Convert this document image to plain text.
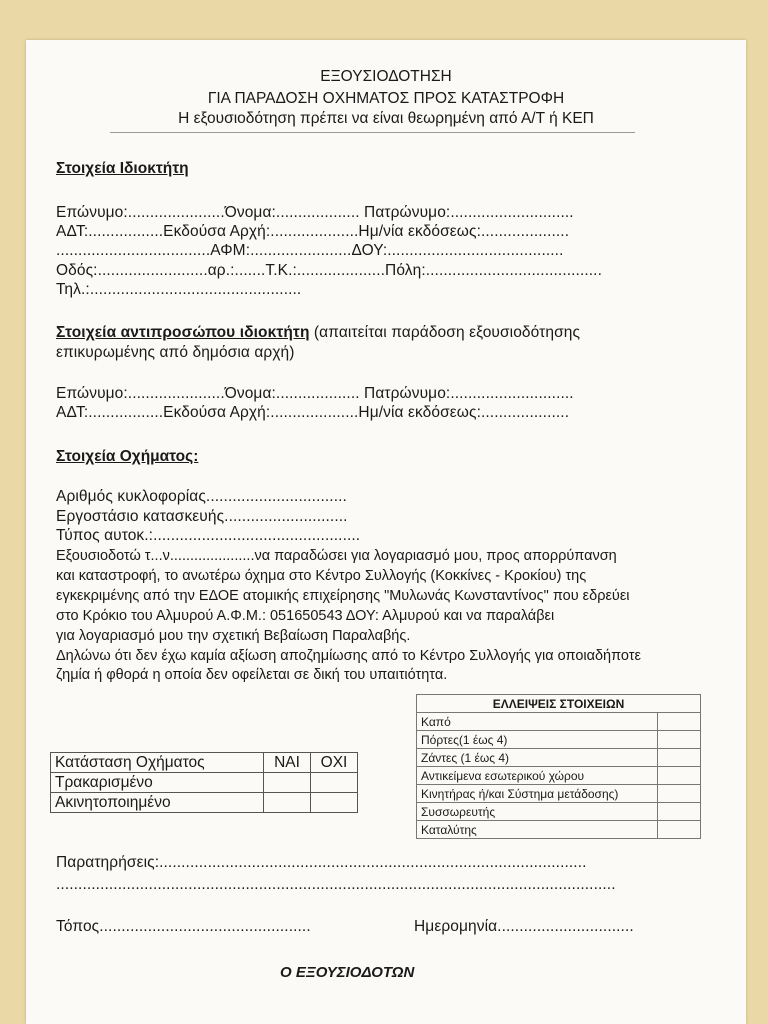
ΕΞΟΥΣΙΟΔΟΤΗΣΗ
ΓΙΑ ΠΑΡΑΔΟΣΗ ΟΧΗΜΑΤΟΣ ΠΡΟΣ ΚΑΤΑΣΤΡΟΦΗ
Η εξουσιοδότηση πρέπει να είναι θεωρημένη από Α/Τ ή ΚΕΠ
Στοιχεία Ιδιοκτήτη
Επώνυμο:......................Όνομα:................... Πατρώνυμο:............................
ΑΔΤ:.................Εκδούσα Αρχή:....................Ημ/νία εκδόσεως:....................
...................................ΑΦΜ:.......................ΔΟΥ:........................................
Οδός:.........................αρ.:.......Τ.Κ.:....................Πόλη:........................................
Τηλ.:................................................
Στοιχεία αντιπροσώπου ιδιοκτήτη (απαιτείται παράδοση εξουσιοδότησης
επικυρωμένης από δημόσια αρχή)
Επώνυμο:......................Όνομα:................... Πατρώνυμο:............................
ΑΔΤ:.................Εκδούσα Αρχή:....................Ημ/νία εκδόσεως:....................
Στοιχεία Οχήματος:
Αριθμός κυκλοφορίας................................
Εργοστάσιο κατασκευής............................
Τύπος αυτοκ.:...............................................
Εξουσιοδοτώ τ...ν.....................να παραδώσει για λογαριασμό μου, προς απορρύπανση
και καταστροφή, το ανωτέρω όχημα στο Κέντρο Συλλογής (Κοκκίνες - Κροκίου) της
εγκεκριμένης από την ΕΔΟΕ ατομικής επιχείρησης "Μυλωνάς Κωνσταντίνος" που εδρεύει
στο Κρόκιο του Αλμυρού Α.Φ.Μ.: 051650543 ΔΟΥ: Αλμυρού και να παραλάβει
για λογαριασμό μου την σχετική Βεβαίωση Παραλαβής.
Δηλώνω ότι δεν έχω καμία αξίωση αποζημίωσης από το Κέντρο Συλλογής για οποιαδήποτε
ζημία ή φθορά η οποία δεν οφείλεται σε δική του υπαιτιότητα.
ΕΛΛΕΙΨΕΙΣ ΣΤΟΙΧΕΙΩΝ	
Καπό	
Πόρτες(1 έως 4)	
Ζάντες (1 έως 4)	
Αντικείμενα εσωτερικού χώρου	
Κινητήρας ή/και Σύστημα μετάδοσης)	
Συσσωρευτής	
Καταλύτης	
Κατάσταση Οχήματος	ΝΑΙ	ΟΧΙ
Τρακαρισμένο		
Ακινητοποιημένο		
Παρατηρήσεις:.................................................................................................
...............................................................................................................................
Τόπος................................................	Ημερομηνία...............................
Ο ΕΞΟΥΣΙΟΔΟΤΩΝ
